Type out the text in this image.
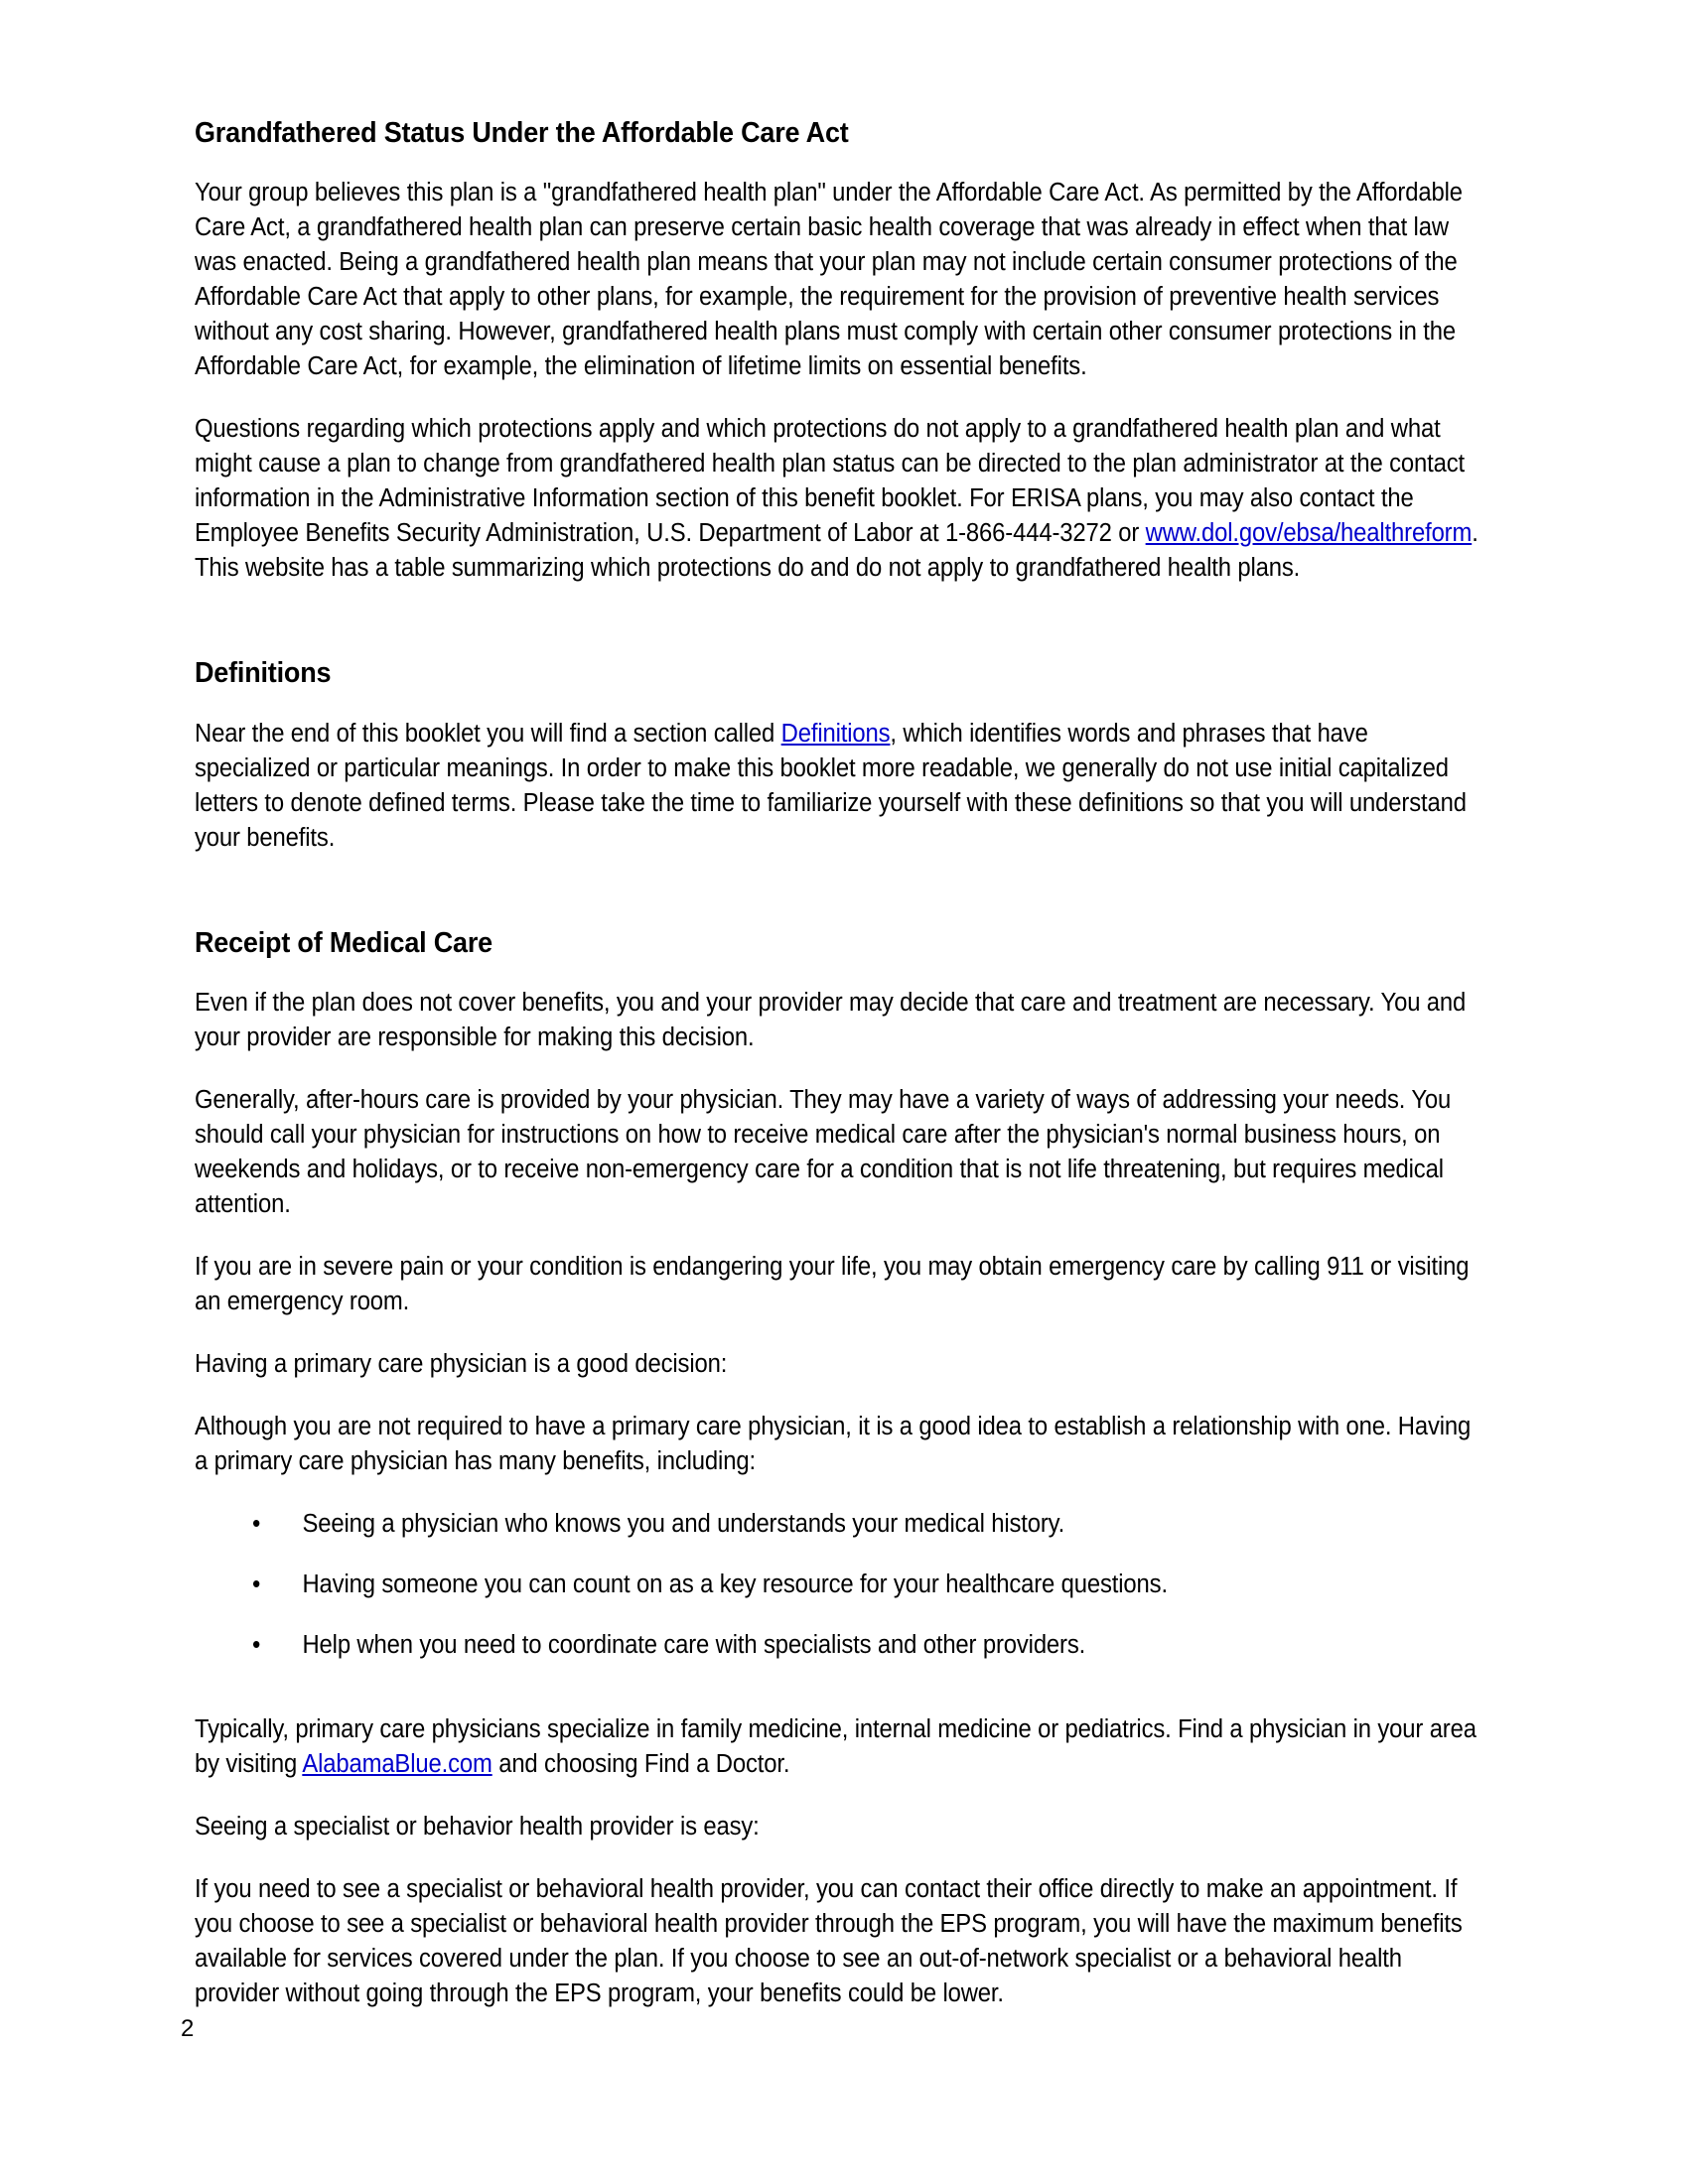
Grandfathered Status Under the Affordable Care Act

Your group believes this plan is a "grandfathered health plan" under the Affordable Care Act. As permitted by the Affordable Care Act, a grandfathered health plan can preserve certain basic health coverage that was already in effect when that law was enacted. Being a grandfathered health plan means that your plan may not include certain consumer protections of the Affordable Care Act that apply to other plans, for example, the requirement for the provision of preventive health services without any cost sharing. However, grandfathered health plans must comply with certain other consumer protections in the Affordable Care Act, for example, the elimination of lifetime limits on essential benefits.

Questions regarding which protections apply and which protections do not apply to a grandfathered health plan and what might cause a plan to change from grandfathered health plan status can be directed to the plan administrator at the contact information in the Administrative Information section of this benefit booklet. For ERISA plans, you may also contact the Employee Benefits Security Administration, U.S. Department of Labor at 1-866-444-3272 or www.dol.gov/ebsa/healthreform. This website has a table summarizing which protections do and do not apply to grandfathered health plans.

Definitions

Near the end of this booklet you will find a section called Definitions, which identifies words and phrases that have specialized or particular meanings. In order to make this booklet more readable, we generally do not use initial capitalized letters to denote defined terms. Please take the time to familiarize yourself with these definitions so that you will understand your benefits.

Receipt of Medical Care

Even if the plan does not cover benefits, you and your provider may decide that care and treatment are necessary. You and your provider are responsible for making this decision.

Generally, after-hours care is provided by your physician. They may have a variety of ways of addressing your needs. You should call your physician for instructions on how to receive medical care after the physician's normal business hours, on weekends and holidays, or to receive non-emergency care for a condition that is not life threatening, but requires medical attention.

If you are in severe pain or your condition is endangering your life, you may obtain emergency care by calling 911 or visiting an emergency room.

Having a primary care physician is a good decision:

Although you are not required to have a primary care physician, it is a good idea to establish a relationship with one. Having a primary care physician has many benefits, including:

• Seeing a physician who knows you and understands your medical history.
• Having someone you can count on as a key resource for your healthcare questions.
• Help when you need to coordinate care with specialists and other providers.

Typically, primary care physicians specialize in family medicine, internal medicine or pediatrics. Find a physician in your area by visiting AlabamaBlue.com and choosing Find a Doctor.

Seeing a specialist or behavior health provider is easy:

If you need to see a specialist or behavioral health provider, you can contact their office directly to make an appointment. If you choose to see a specialist or behavioral health provider through the EPS program, you will have the maximum benefits available for services covered under the plan. If you choose to see an out-of-network specialist or a behavioral health provider without going through the EPS program, your benefits could be lower.

2
